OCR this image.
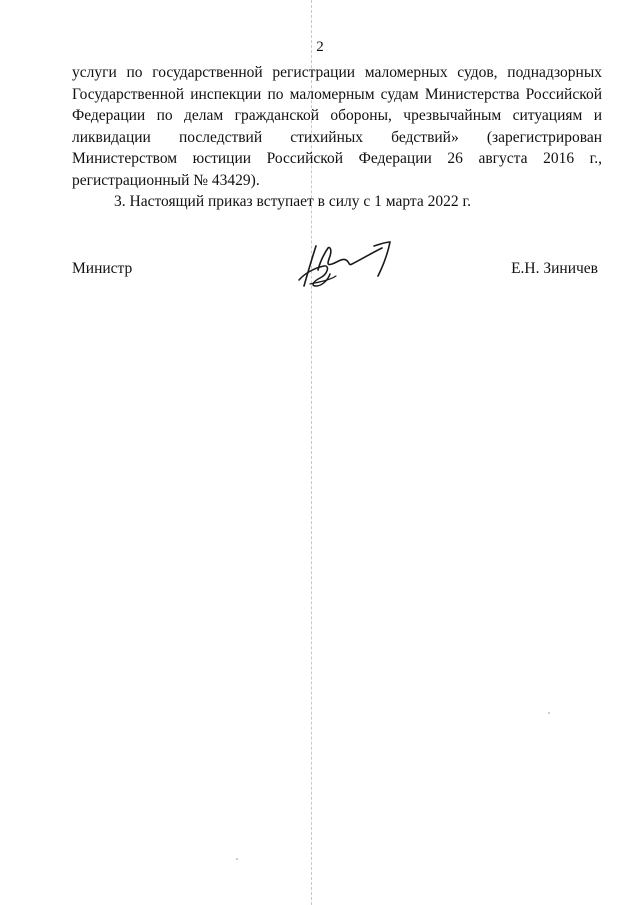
2

услуги по государственной регистрации маломерных судов, поднадзорных Государственной инспекции по маломерным судам Министерства Российской Федерации по делам гражданской обороны, чрезвычайным ситуациям и ликвидации последствий стихийных бедствий» (зарегистрирован Министерством юстиции Российской Федерации 26 августа 2016 г., регистрационный № 43429).

3. Настоящий приказ вступает в силу с 1 марта 2022 г.

Министр	Е.Н. Зиничев
